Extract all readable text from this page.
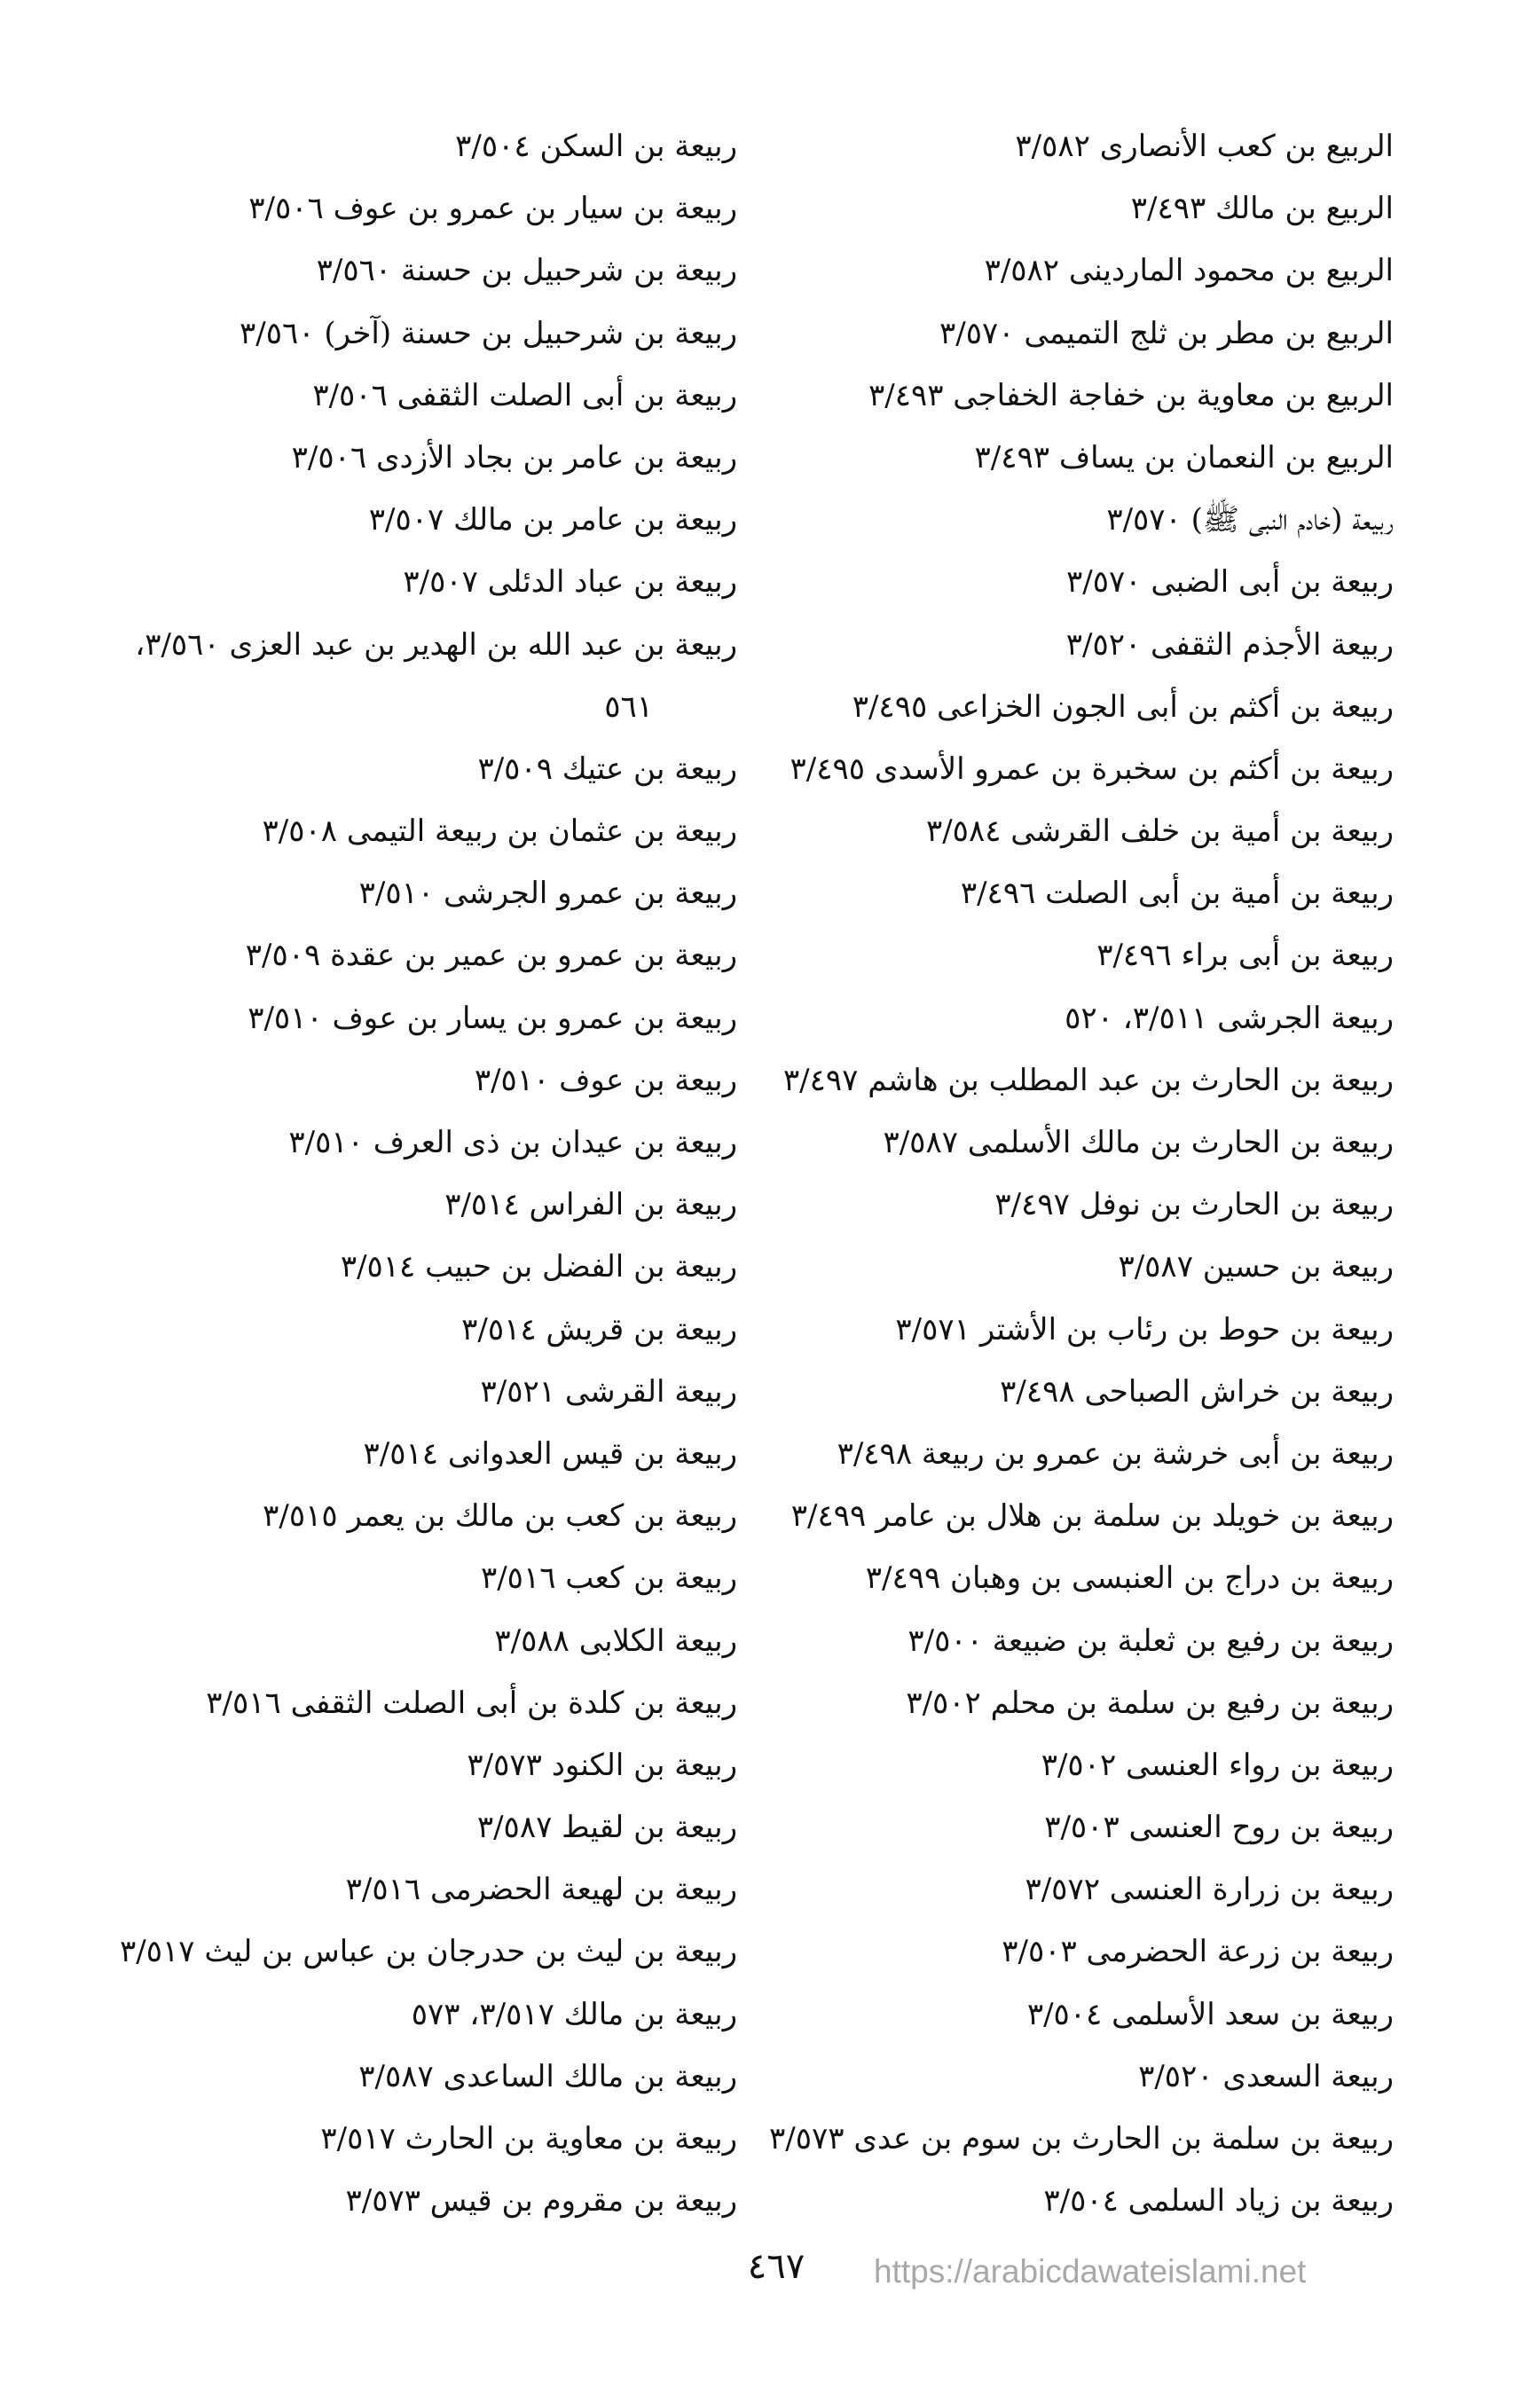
الربيع بن كعب الأنصارى ٣/٥٨٢
الربيع بن مالك ٣/٤٩٣
الربيع بن محمود الماردينى ٣/٥٨٢
الربيع بن مطر بن ثلج التميمى ٣/٥٧٠
الربيع بن معاوية بن خفاجة الخفاجى ٣/٤٩٣
الربيع بن النعمان بن يساف ٣/٤٩٣
ربيعة (خادم النبى ﷺ) ٣/٥٧٠
ربيعة بن أبى الضبى ٣/٥٧٠
ربيعة الأجذم الثقفى ٣/٥٢٠
ربيعة بن أكثم بن أبى الجون الخزاعى ٣/٤٩٥
ربيعة بن أكثم بن سخبرة بن عمرو الأسدى ٣/٤٩٥
ربيعة بن أمية بن خلف القرشى ٣/٥٨٤
ربيعة بن أمية بن أبى الصلت ٣/٤٩٦
ربيعة بن أبى براء ٣/٤٩٦
ربيعة الجرشى ٣/٥١١، ٥٢٠
ربيعة بن الحارث بن عبد المطلب بن هاشم ٣/٤٩٧
ربيعة بن الحارث بن مالك الأسلمى ٣/٥٨٧
ربيعة بن الحارث بن نوفل ٣/٤٩٧
ربيعة بن حسين ٣/٥٨٧
ربيعة بن حوط بن رئاب بن الأشتر ٣/٥٧١
ربيعة بن خراش الصباحى ٣/٤٩٨
ربيعة بن أبى خرشة بن عمرو بن ربيعة ٣/٤٩٨
ربيعة بن خويلد بن سلمة بن هلال بن عامر ٣/٤٩٩
ربيعة بن دراج بن العنبسى بن وهبان ٣/٤٩٩
ربيعة بن رفيع بن ثعلبة بن ضبيعة ٣/٥٠٠
ربيعة بن رفيع بن سلمة بن محلم ٣/٥٠٢
ربيعة بن رواء العنسى ٣/٥٠٢
ربيعة بن روح العنسى ٣/٥٠٣
ربيعة بن زرارة العنسى ٣/٥٧٢
ربيعة بن زرعة الحضرمى ٣/٥٠٣
ربيعة بن سعد الأسلمى ٣/٥٠٤
ربيعة السعدى ٣/٥٢٠
ربيعة بن سلمة بن الحارث بن سوم بن عدى ٣/٥٧٣
ربيعة بن زياد السلمى ٣/٥٠٤
ربيعة بن السكن ٣/٥٠٤
ربيعة بن سيار بن عمرو بن عوف ٣/٥٠٦
ربيعة بن شرحبيل بن حسنة ٣/٥٦٠
ربيعة بن شرحبيل بن حسنة (آخر) ٣/٥٦٠
ربيعة بن أبى الصلت الثقفى ٣/٥٠٦
ربيعة بن عامر بن بجاد الأزدى ٣/٥٠٦
ربيعة بن عامر بن مالك ٣/٥٠٧
ربيعة بن عباد الدئلى ٣/٥٠٧
ربيعة بن عبد الله بن الهدير بن عبد العزى ٣/٥٦٠،
٥٦١
ربيعة بن عتيك ٣/٥٠٩
ربيعة بن عثمان بن ربيعة التيمى ٣/٥٠٨
ربيعة بن عمرو الجرشى ٣/٥١٠
ربيعة بن عمرو بن عمير بن عقدة ٣/٥٠٩
ربيعة بن عمرو بن يسار بن عوف ٣/٥١٠
ربيعة بن عوف ٣/٥١٠
ربيعة بن عيدان بن ذى العرف ٣/٥١٠
ربيعة بن الفراس ٣/٥١٤
ربيعة بن الفضل بن حبيب ٣/٥١٤
ربيعة بن قريش ٣/٥١٤
ربيعة القرشى ٣/٥٢١
ربيعة بن قيس العدوانى ٣/٥١٤
ربيعة بن كعب بن مالك بن يعمر ٣/٥١٥
ربيعة بن كعب ٣/٥١٦
ربيعة الكلابى ٣/٥٨٨
ربيعة بن كلدة بن أبى الصلت الثقفى ٣/٥١٦
ربيعة بن الكنود ٣/٥٧٣
ربيعة بن لقيط ٣/٥٨٧
ربيعة بن لهيعة الحضرمى ٣/٥١٦
ربيعة بن ليث بن حدرجان بن عباس بن ليث ٣/٥١٧
ربيعة بن مالك ٣/٥١٧، ٥٧٣
ربيعة بن مالك الساعدى ٣/٥٨٧
ربيعة بن معاوية بن الحارث ٣/٥١٧
ربيعة بن مقروم بن قيس ٣/٥٧٣
٤٦٧	https://arabicdawateislami.net
